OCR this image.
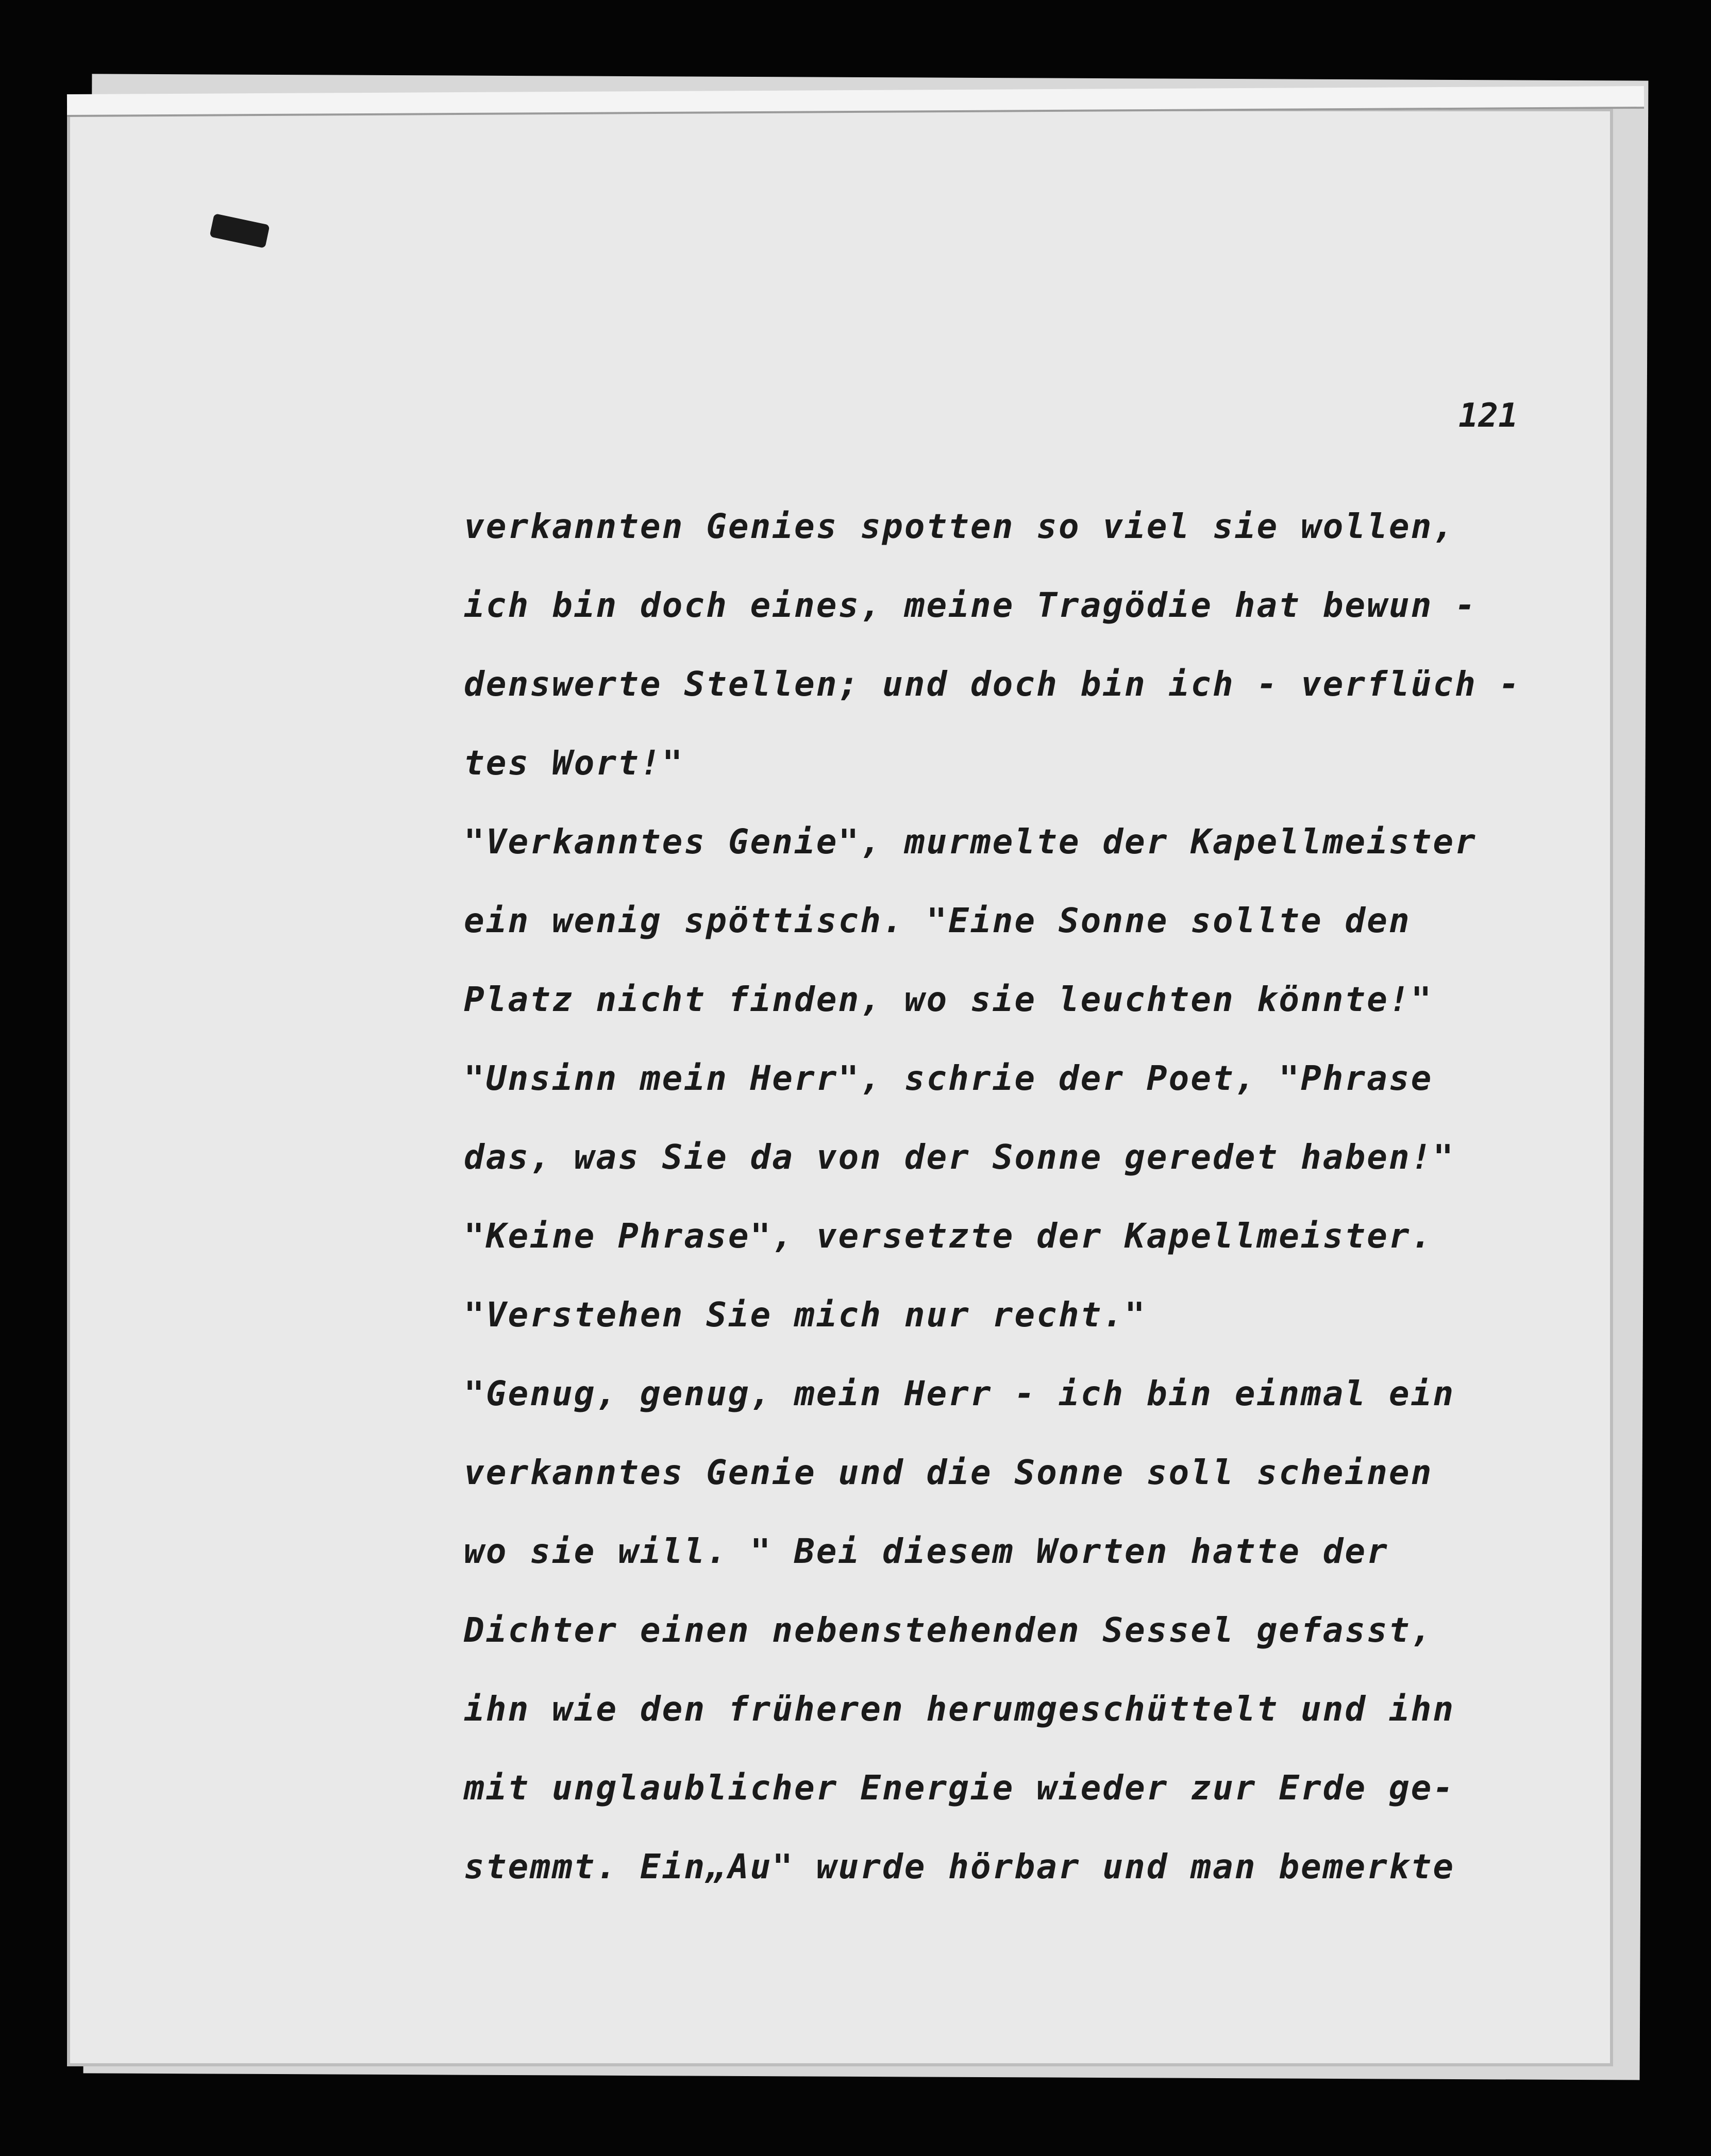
121

verkannten Genies spotten so viel sie wollen,
ich bin doch eines, meine Tragödie hat bewun -
denswerte Stellen; und doch bin ich - verflüch -
tes Wort!"
"Verkanntes Genie", murmelte der Kapellmeister
ein wenig spöttisch. "Eine Sonne sollte den
Platz nicht finden, wo sie leuchten könnte!"
"Unsinn mein Herr", schrie der Poet, "Phrase
das, was Sie da von der Sonne geredet haben!"
"Keine Phrase", versetzte der Kapellmeister.
"Verstehen Sie mich nur recht."
"Genug, genug, mein Herr - ich bin einmal ein
verkanntes Genie und die Sonne soll scheinen
wo sie will. " Bei diesem Worten hatte der
Dichter einen nebenstehenden Sessel gefasst,
ihn wie den früheren herumgeschüttelt und ihn
mit unglaublicher Energie wieder zur Erde ge-
stemmt. Ein„Au" wurde hörbar und man bemerkte
